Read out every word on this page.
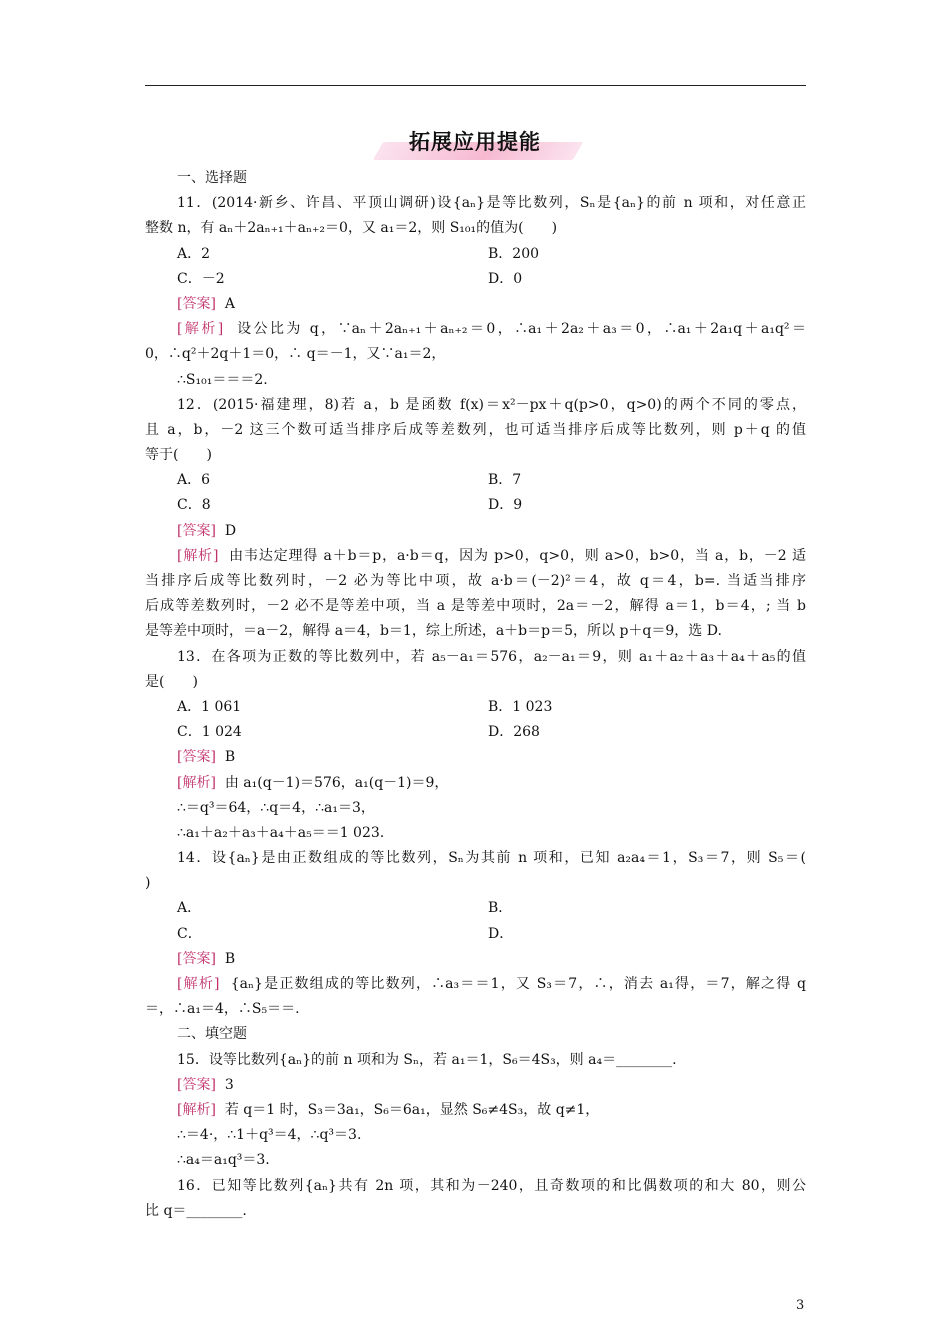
拓展应用提能
一、选择题
11．(2014·新乡、许昌、平顶山调研)设{aₙ}是等比数列，Sₙ是{aₙ}的前 n 项和，对任意正
整数 n，有 aₙ＋2aₙ₊₁＋aₙ₊₂＝0，又 a₁＝2，则 S₁₀₁的值为(　　)
A．2	B．200
C．－2	D．0
[答案] A
[解析] 设公比为 q，∵aₙ＋2aₙ₊₁＋aₙ₊₂＝0，∴a₁＋2a₂＋a₃＝0，∴a₁＋2a₁q＋a₁q²＝
0，∴q²＋2q＋1＝0，∴ q＝－1，又∵a₁＝2，
∴S₁₀₁＝＝＝2.
12．(2015·福建理，8)若 a，b 是函数 f(x)＝x²－px＋q(p>0，q>0)的两个不同的零点，
且 a，b，－2 这三个数可适当排序后成等差数列，也可适当排序后成等比数列，则 p＋q 的值
等于(　　)
A．6	B．7
C．8	D．9
[答案] D
[解析] 由韦达定理得 a＋b＝p，a·b＝q，因为 p>0，q>0，则 a>0，b>0，当 a，b，－2 适
当排序后成等比数列时，－2 必为等比中项，故 a·b＝(－2)²＝4，故 q＝4，b=. 当适当排序
后成等差数列时，－2 必不是等差中项，当 a 是等差中项时，2a＝－2，解得 a＝1，b＝4，; 当 b
是等差中项时，＝a－2，解得 a＝4，b＝1，综上所述，a＋b＝p＝5，所以 p＋q＝9，选 D.
13．在各项为正数的等比数列中，若 a₅－a₁＝576，a₂－a₁＝9，则 a₁＋a₂＋a₃＋a₄＋a₅的值
是(　　)
A．1 061	B．1 023
C．1 024	D．268
[答案] B
[解析] 由 a₁(q－1)＝576，a₁(q－1)＝9，
∴＝q³＝64，∴q＝4，∴a₁＝3，
∴a₁＋a₂＋a₃＋a₄＋a₅＝＝1 023.
14．设{aₙ}是由正数组成的等比数列，Sₙ为其前 n 项和，已知 a₂a₄＝1，S₃＝7，则 S₅＝(
)
A．	B．
C．	D．
[答案] B
[解析] {aₙ}是正数组成的等比数列，∴a₃＝＝1，又 S₃＝7，∴，消去 a₁得，＝7，解之得 q
＝，∴a₁＝4，∴S₅＝＝.
二、填空题
15．设等比数列{aₙ}的前 n 项和为 Sₙ，若 a₁＝1，S₆＝4S₃，则 a₄＝________.
[答案] 3
[解析] 若 q＝1 时，S₃＝3a₁，S₆＝6a₁，显然 S₆≠4S₃，故 q≠1，
∴＝4·，∴1＋q³＝4，∴q³＝3.
∴a₄＝a₁q³＝3.
16．已知等比数列{aₙ}共有 2n 项，其和为－240，且奇数项的和比偶数项的和大 80，则公
比 q＝________.
3
